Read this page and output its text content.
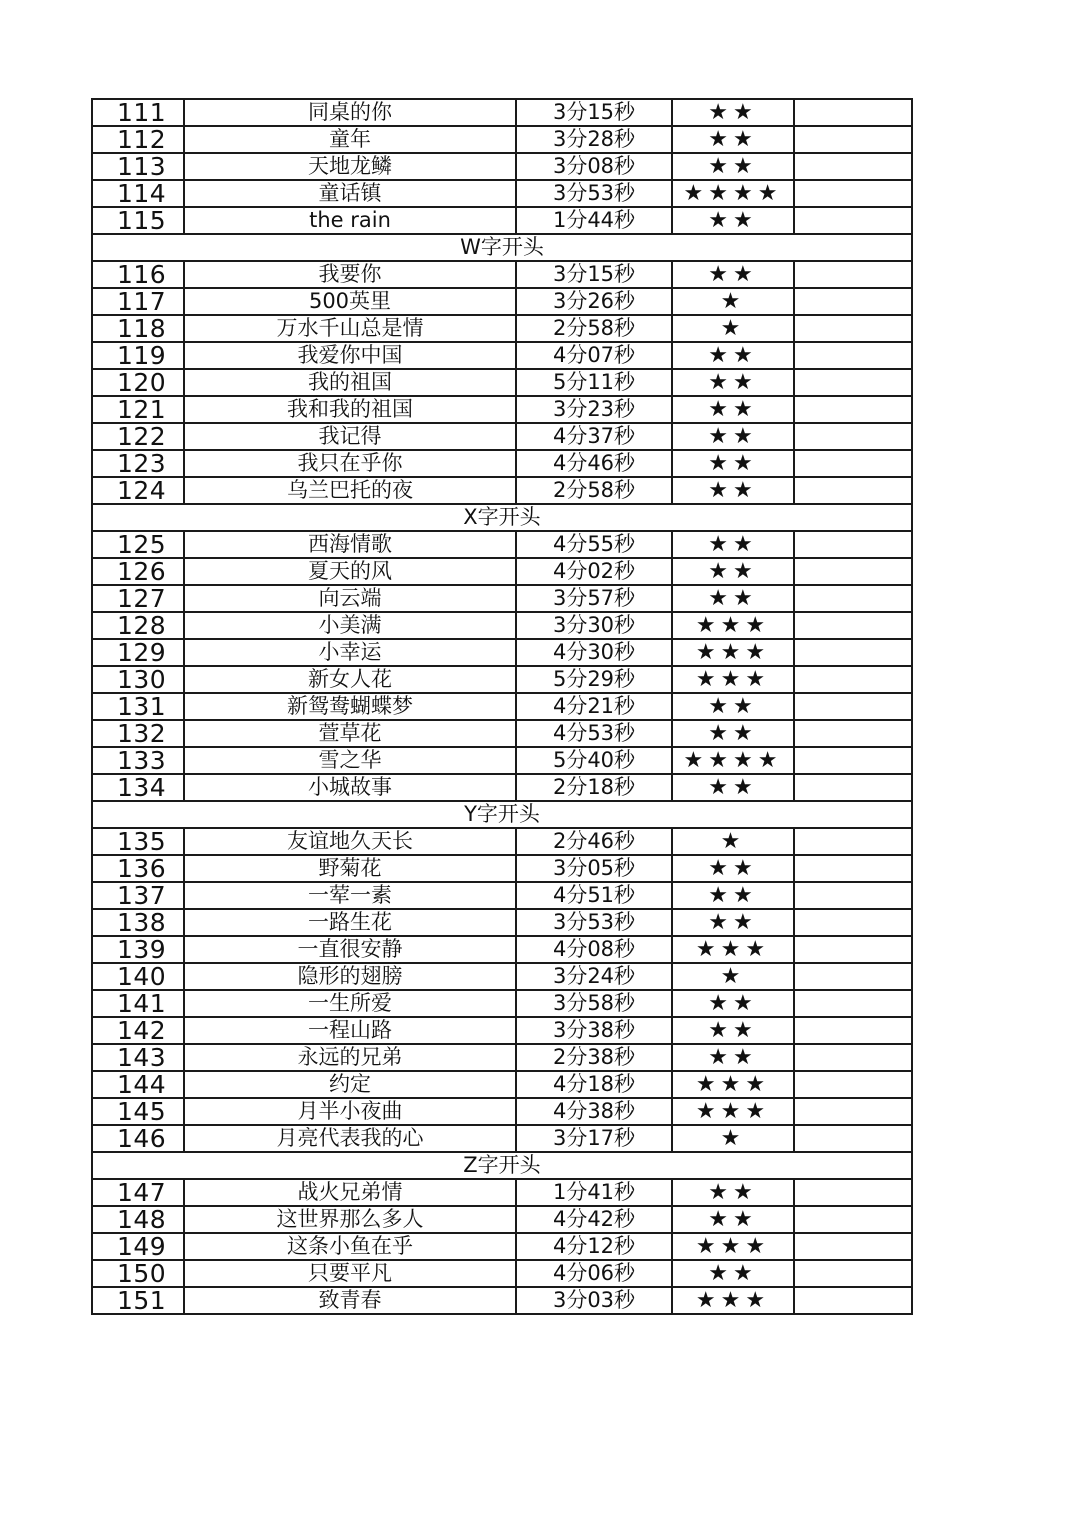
111	同桌的你	3分15秒	★★	
112	童年	3分28秒	★★	
113	天地龙鳞	3分08秒	★★	
114	童话镇	3分53秒	★★★★	
115	the rain	1分44秒	★★	
W字开头				
116	我要你	3分15秒	★★	
117	500英里	3分26秒	★	
118	万水千山总是情	2分58秒	★	
119	我爱你中国	4分07秒	★★	
120	我的祖国	5分11秒	★★	
121	我和我的祖国	3分23秒	★★	
122	我记得	4分37秒	★★	
123	我只在乎你	4分46秒	★★	
124	乌兰巴托的夜	2分58秒	★★	
X字开头				
125	西海情歌	4分55秒	★★	
126	夏天的风	4分02秒	★★	
127	向云端	3分57秒	★★	
128	小美满	3分30秒	★★★	
129	小幸运	4分30秒	★★★	
130	新女人花	5分29秒	★★★	
131	新鸳鸯蝴蝶梦	4分21秒	★★	
132	萱草花	4分53秒	★★	
133	雪之华	5分40秒	★★★★	
134	小城故事	2分18秒	★★	
Y字开头				
135	友谊地久天长	2分46秒	★	
136	野菊花	3分05秒	★★	
137	一荤一素	4分51秒	★★	
138	一路生花	3分53秒	★★	
139	一直很安静	4分08秒	★★★	
140	隐形的翅膀	3分24秒	★	
141	一生所爱	3分58秒	★★	
142	一程山路	3分38秒	★★	
143	永远的兄弟	2分38秒	★★	
144	约定	4分18秒	★★★	
145	月半小夜曲	4分38秒	★★★	
146	月亮代表我的心	3分17秒	★	
Z字开头				
147	战火兄弟情	1分41秒	★★	
148	这世界那么多人	4分42秒	★★	
149	这条小鱼在乎	4分12秒	★★★	
150	只要平凡	4分06秒	★★	
151	致青春	3分03秒	★★★	
